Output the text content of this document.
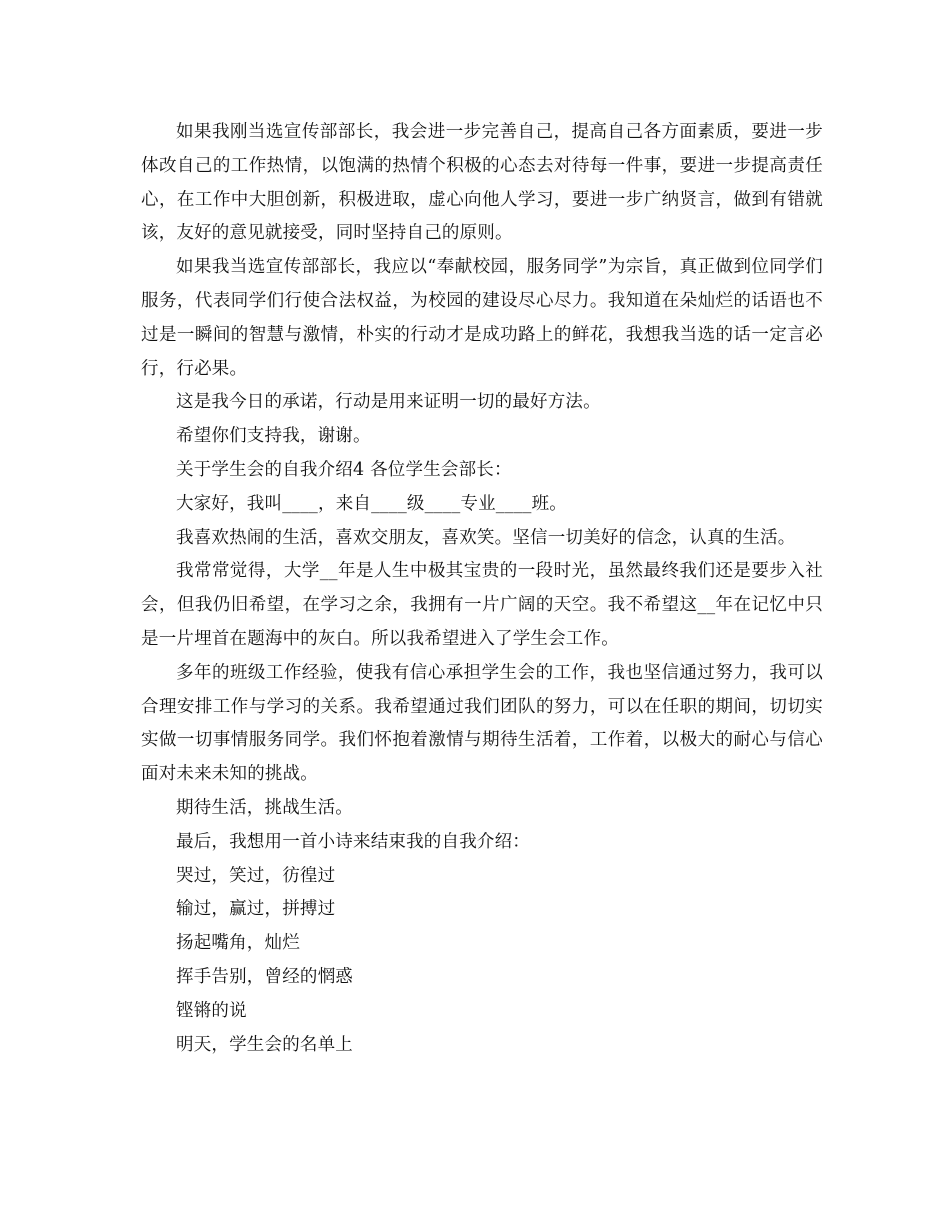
如果我刚当选宣传部部长，我会进一步完善自己，提高自己各方面素质，要进一步体改自己的工作热情，以饱满的热情个积极的心态去对待每一件事，要进一步提高责任心，在工作中大胆创新，积极进取，虚心向他人学习，要进一步广纳贤言，做到有错就该，友好的意见就接受，同时坚持自己的原则。

如果我当选宣传部部长，我应以“奉献校园，服务同学”为宗旨，真正做到位同学们服务，代表同学们行使合法权益，为校园的建设尽心尽力。我知道在朵灿烂的话语也不过是一瞬间的智慧与激情，朴实的行动才是成功路上的鲜花，我想我当选的话一定言必行，行必果。

这是我今日的承诺，行动是用来证明一切的最好方法。

希望你们支持我，谢谢。

关于学生会的自我介绍4 各位学生会部长：

大家好，我叫____，来自____级____专业____班。

我喜欢热闹的生活，喜欢交朋友，喜欢笑。坚信一切美好的信念，认真的生活。

我常常觉得，大学__年是人生中极其宝贵的一段时光，虽然最终我们还是要步入社会，但我仍旧希望，在学习之余，我拥有一片广阔的天空。我不希望这__年在记忆中只是一片埋首在题海中的灰白。所以我希望进入了学生会工作。

多年的班级工作经验，使我有信心承担学生会的工作，我也坚信通过努力，我可以合理安排工作与学习的关系。我希望通过我们团队的努力，可以在任职的期间，切切实实做一切事情服务同学。我们怀抱着激情与期待生活着，工作着，以极大的耐心与信心面对未来未知的挑战。

期待生活，挑战生活。

最后，我想用一首小诗来结束我的自我介绍：

哭过，笑过，彷徨过

输过，赢过，拼搏过

扬起嘴角，灿烂

挥手告别，曾经的惘惑

铿锵的说

明天，学生会的名单上
